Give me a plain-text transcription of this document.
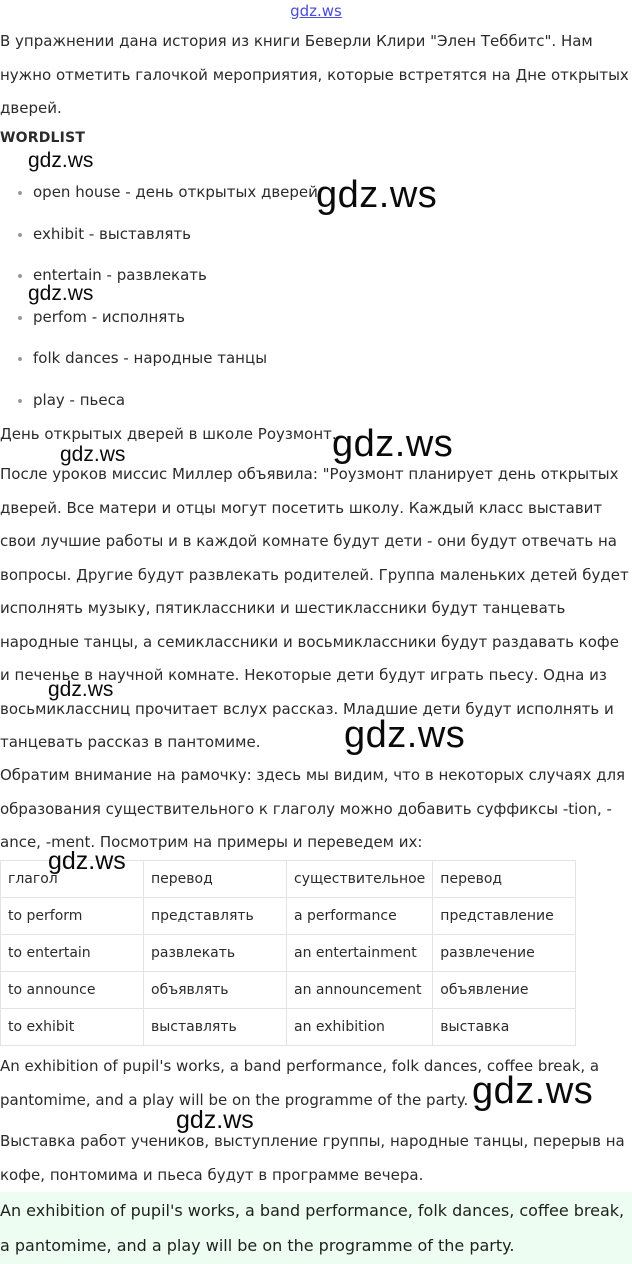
gdz.ws
В упражнении дана история из книги Беверли Клири "Элен Теббитс". Нам нужно отметить галочкой мероприятия, которые встретятся на Дне открытых дверей.
WORDLIST
open house - день открытых дверей
exhibit - выставлять
entertain - развлекать
perfom - исполнять
folk dances - народные танцы
play - пьеса
День открытых дверей в школе Роузмонт.
После уроков миссис Миллер объявила: "Роузмонт планирует день открытых дверей. Все матери и отцы могут посетить школу. Каждый класс выставит свои лучшие работы и в каждой комнате будут дети - они будут отвечать на вопросы. Другие будут развлекать родителей. Группа маленьких детей будет исполнять музыку, пятиклассники и шестиклассники будут танцевать народные танцы, а семиклассники и восьмиклассники будут раздавать кофе и печенье в научной комнате. Некоторые дети будут играть пьесу. Одна из восьмиклассниц прочитает вслух рассказ. Младшие дети будут исполнять и танцевать рассказ в пантомиме.
Обратим внимание на рамочку: здесь мы видим, что в некоторых случаях для образования существительного к глаголу можно добавить суффиксы -tion, -ance, -ment. Посмотрим на примеры и переведем их:
глагол	перевод	существительное	перевод
to perform	представлять	a performance	представление
to entertain	развлекать	an entertainment	развлечение
to announce	объявлять	an announcement	объявление
to exhibit	выставлять	an exhibition	выставка
An exhibition of pupil's works, a band performance, folk dances, coffee break, a pantomime, and a play will be on the programme of the party.
Выставка работ учеников, выступление группы, народные танцы, перерыв на кофе, понтомима и пьеса будут в программе вечера.
An exhibition of pupil's works, a band performance, folk dances, coffee break, a pantomime, and a play will be on the programme of the party.
gdz.ws
gdz.ws
gdz.ws
gdz.ws
gdz.ws
gdz.ws
gdz.ws
gdz.ws
gdz.ws
gdz.ws
